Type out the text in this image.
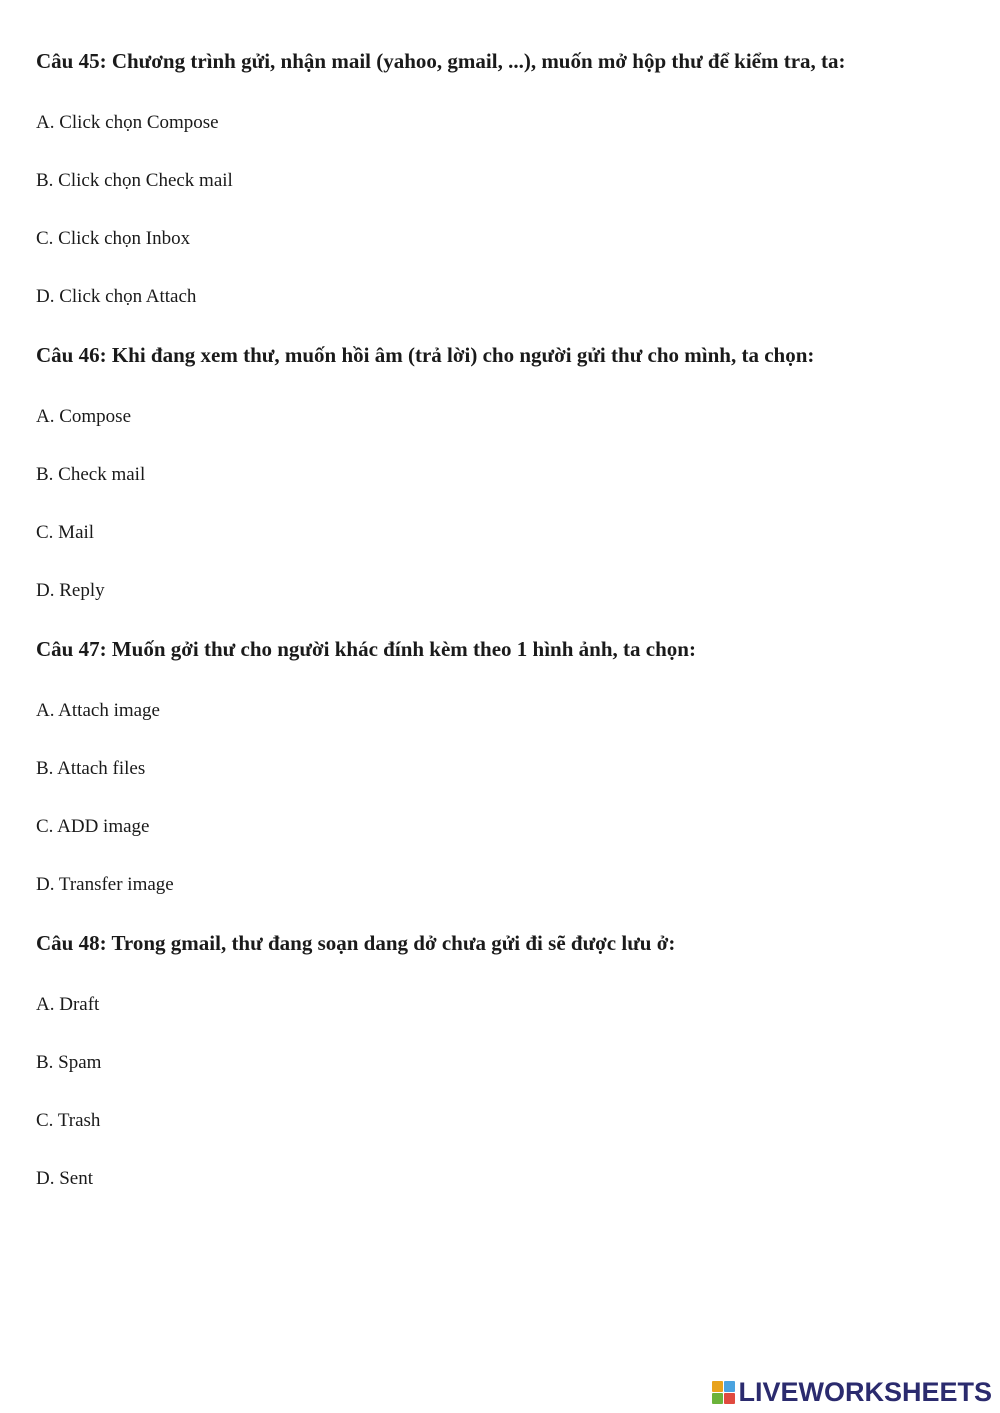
Câu 45: Chương trình gửi, nhận mail (yahoo, gmail, ...), muốn mở hộp thư để kiểm tra, ta:

A. Click chọn Compose
B. Click chọn Check mail
C. Click chọn Inbox
D. Click chọn Attach

Câu 46: Khi đang xem thư, muốn hồi âm (trả lời) cho người gửi thư cho mình, ta chọn:

A. Compose
B. Check mail
C. Mail
D. Reply

Câu 47: Muốn gởi thư cho người khác đính kèm theo 1 hình ảnh, ta chọn:

A. Attach image
B. Attach files
C. ADD image
D. Transfer image

Câu 48: Trong gmail, thư đang soạn dang dở chưa gửi đi sẽ được lưu ở:

A. Draft
B. Spam
C. Trash
D. Sent
LIVEWORKSHEETS
